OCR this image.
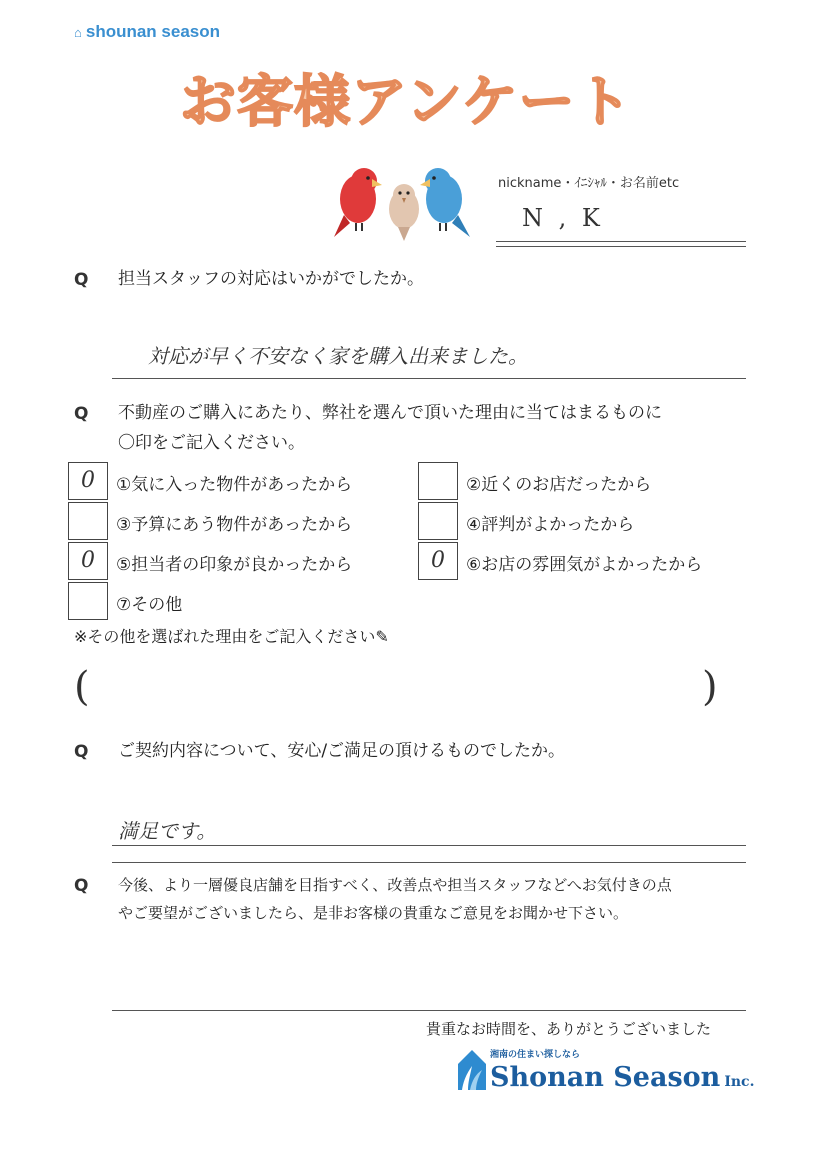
⌂ shounan season
お客様アンケート
nickname・ｲﾆｼｬﾙ・お名前etc
N , K
Q 担当スタッフの対応はいかがでしたか。
対応が早く不安なく家を購入出来ました。
Q 不動産のご購入にあたり、弊社を選んで頂いた理由に当てはまるものに
〇印をご記入ください。
0	①気に入った物件があったから	②近くのお店だったから
③予算にあう物件があったから	④評判がよかったから
0	⑤担当者の印象が良かったから	0	⑥お店の雰囲気がよかったから
⑦その他
※その他を選ばれた理由をご記入ください✎
(	)
Q ご契約内容について、安心/ご満足の頂けるものでしたか。
満足です。
Q 今後、より一層優良店舗を目指すべく、改善点や担当スタッフなどへお気付きの点
やご要望がございましたら、是非お客様の貴重なご意見をお聞かせ下さい。
貴重なお時間を、ありがとうございました
湘南の住まい探しなら
Shonan Season Inc.
